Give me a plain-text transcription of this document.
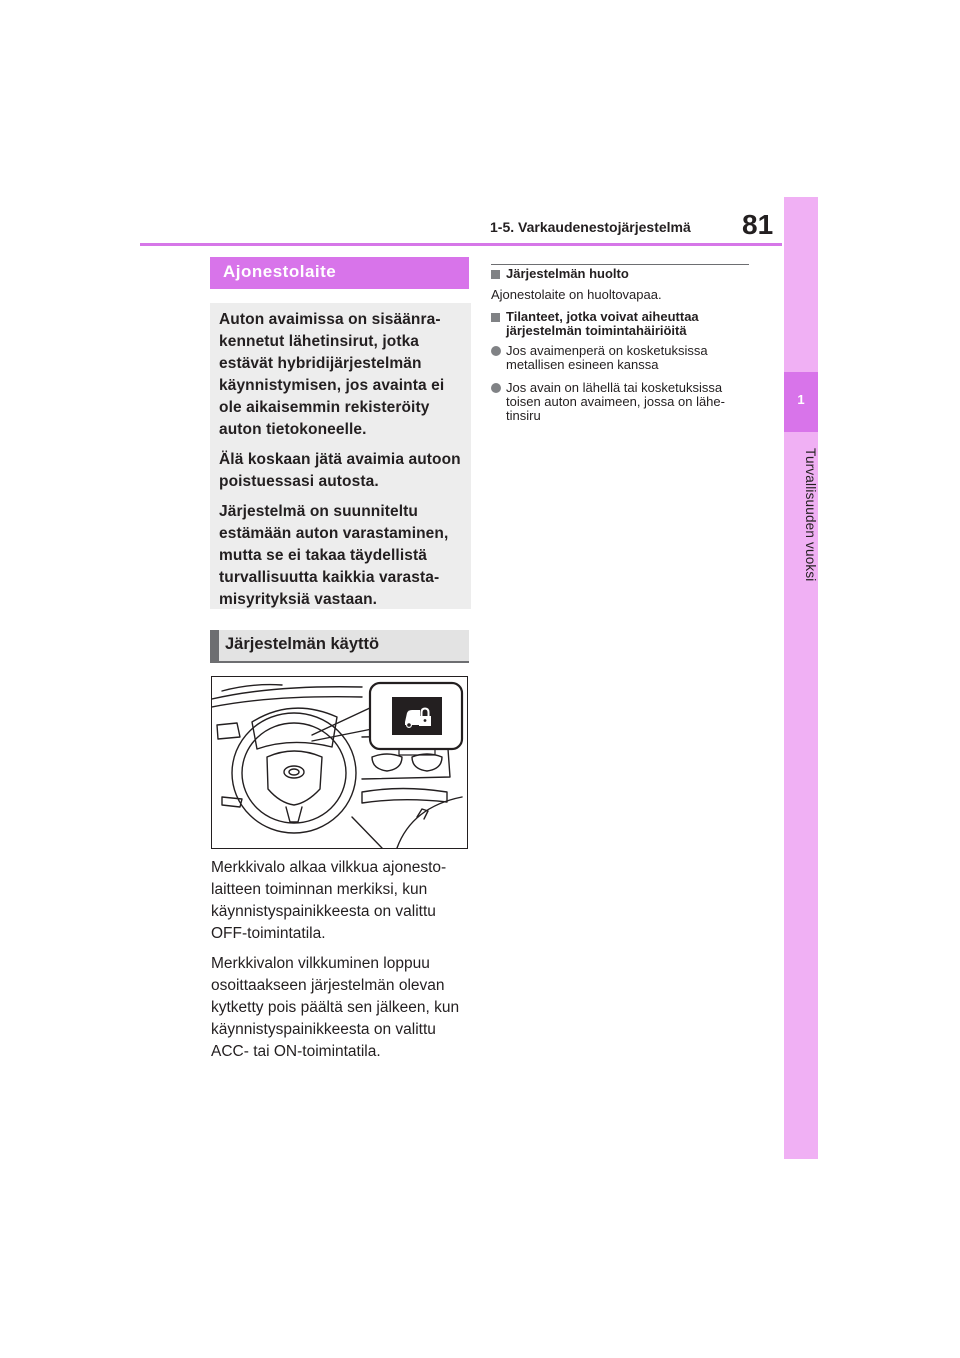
1-5. Varkaudenestojärjestelmä 81
1
Turvallisuuden vuoksi
Ajonestolaite

Auton avaimissa on sisäänra-kennetut lähetinsirut, jotka estävät hybridijärjestelmän käynnistymisen, jos avainta ei ole aikaisemmin rekisteröity auton tietokoneelle.

Älä koskaan jätä avaimia autoon poistuessasi autosta.

Järjestelmä on suunniteltu estämään auton varastaminen, mutta se ei takaa täydellistä turvallisuutta kaikkia varasta-misyrityksiä vastaan.

Järjestelmän käyttö

Merkkivalo alkaa vilkkua ajonesto-laitteen toiminnan merkiksi, kun käynnistyspainikkeesta on valittu OFF-toimintatila.

Merkkivalon vilkkuminen loppuu osoittaakseen järjestelmän olevan kytketty pois päältä sen jälkeen, kun käynnistyspainikkeesta on valittu ACC- tai ON-toimintatila.

Järjestelmän huolto

Ajonestolaite on huoltovapaa.

Tilanteet, jotka voivat aiheuttaa järjestelmän toimintahäiriöitä
Jos avaimenperä on kosketuksissa metallisen esineen kanssa
Jos avain on lähellä tai kosketuksissa toisen auton avaimeen, jossa on lähe-tinsiru
